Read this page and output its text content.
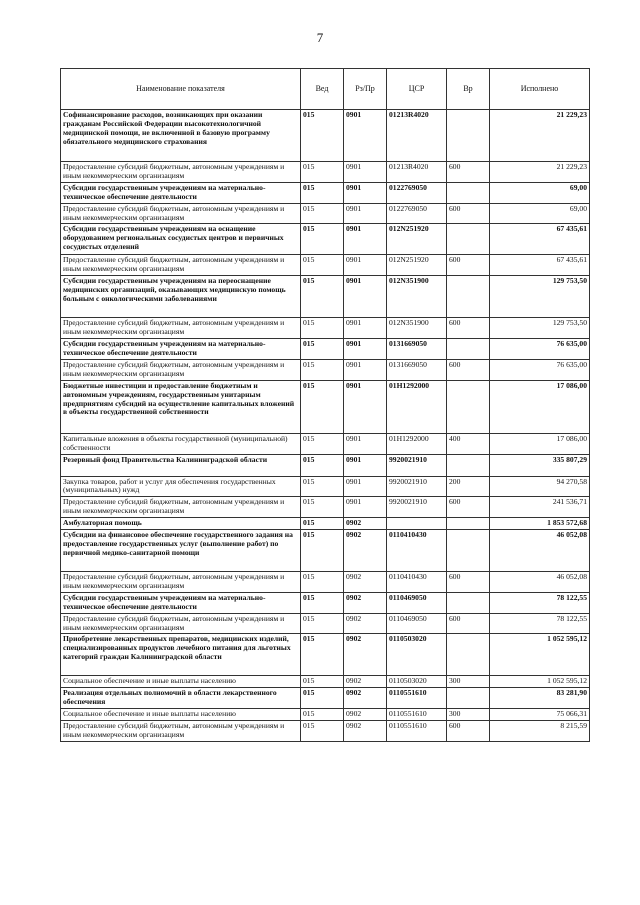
7
Наименование показателя	Вед	Рз/Пр	ЦСР	Вр	Исполнено
Софинансирование расходов, возникающих при оказании гражданам Российской Федерации высокотехнологичной медицинской помощи, не включенной в базовую программу обязательного медицинского страхования	015	0901	01213R4020		21 229,23
Предоставление субсидий бюджетным, автономным учреждениям и иным некоммерческим организациям	015	0901	01213R4020	600	21 229,23
Субсидии государственным учреждениям на материально-техническое обеспечение деятельности	015	0901	0122769050		69,00
Предоставление субсидий бюджетным, автономным учреждениям и иным некоммерческим организациям	015	0901	0122769050	600	69,00
Субсидии государственным учреждениям на оснащение оборудованием региональных сосудистых центров и первичных сосудистых отделений	015	0901	012N251920		67 435,61
Предоставление субсидий бюджетным, автономным учреждениям и иным некоммерческим организациям	015	0901	012N251920	600	67 435,61
Субсидии государственным учреждениям на переоснащение медицинских организаций, оказывающих медицинскую помощь больным с онкологическими заболеваниями	015	0901	012N351900		129 753,50
Предоставление субсидий бюджетным, автономным учреждениям и иным некоммерческим организациям	015	0901	012N351900	600	129 753,50
Субсидии государственным учреждениям на материально-техническое обеспечение деятельности	015	0901	0131669050		76 635,00
Предоставление субсидий бюджетным, автономным учреждениям и иным некоммерческим организациям	015	0901	0131669050	600	76 635,00
Бюджетные инвестиции и предоставление бюджетным и автономным учреждениям, государственным унитарным предприятиям субсидий на осуществление капитальных вложений в объекты государственной собственности	015	0901	01Н1292000		17 086,00
Капитальные вложения в объекты государственной (муниципальной) собственности	015	0901	01Н1292000	400	17 086,00
Резервный фонд Правительства Калининградской области	015	0901	9920021910		335 807,29
Закупка товаров, работ и услуг для обеспечения государственных (муниципальных) нужд	015	0901	9920021910	200	94 270,58
Предоставление субсидий бюджетным, автономным учреждениям и иным некоммерческим организациям	015	0901	9920021910	600	241 536,71
Амбулаторная помощь	015	0902			1 853 572,68
Субсидии на финансовое обеспечение государственного задания на предоставление государственных услуг (выполнение работ) по первичной медико-санитарной помощи	015	0902	0110410430		46 052,08
Предоставление субсидий бюджетным, автономным учреждениям и иным некоммерческим организациям	015	0902	0110410430	600	46 052,08
Субсидии государственным учреждениям на материально-техническое обеспечение деятельности	015	0902	0110469050		78 122,55
Предоставление субсидий бюджетным, автономным учреждениям и иным некоммерческим организациям	015	0902	0110469050	600	78 122,55
Приобретение лекарственных препаратов, медицинских изделий, специализированных продуктов лечебного питания для льготных категорий граждан Калининградской области	015	0902	0110503020		1 052 595,12
Социальное обеспечение и иные выплаты населению	015	0902	0110503020	300	1 052 595,12
Реализация отдельных полномочий в области лекарственного обеспечения	015	0902	0110551610		83 281,90
Социальное обеспечение и иные выплаты населению	015	0902	0110551610	300	75 066,31
Предоставление субсидий бюджетным, автономным учреждениям и иным некоммерческим организациям	015	0902	0110551610	600	8 215,59
